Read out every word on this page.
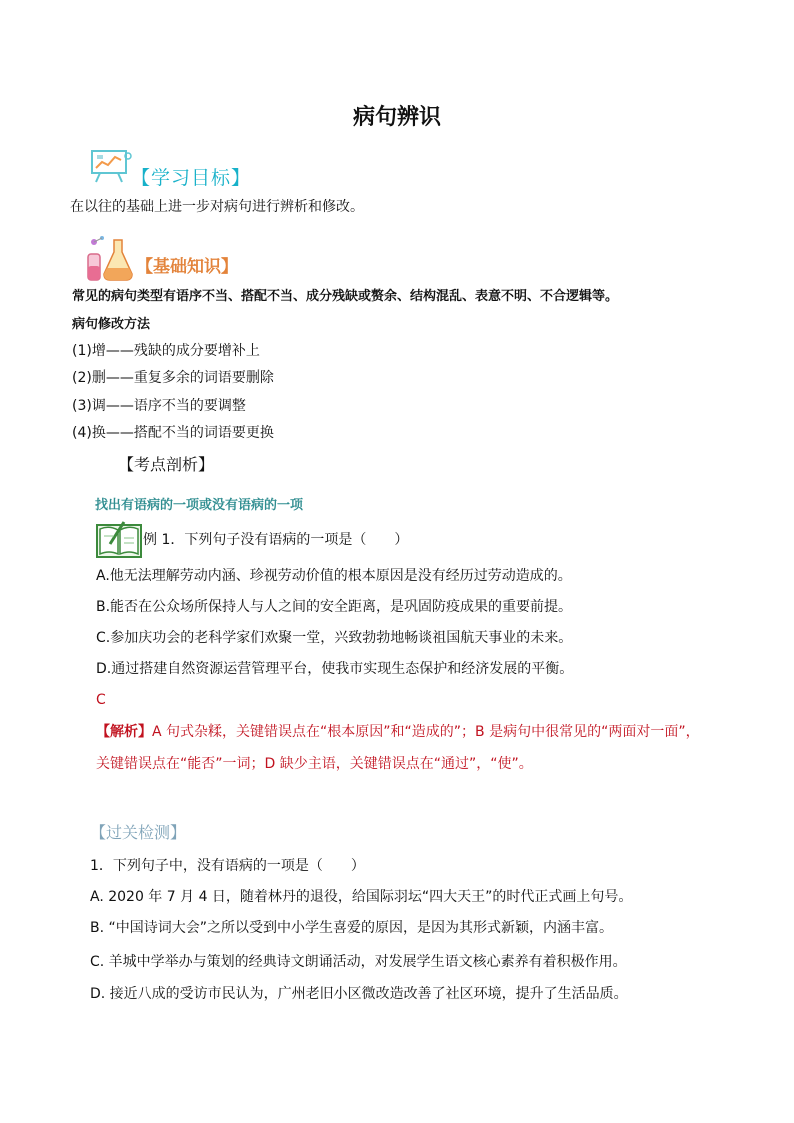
病句辨识
【学习目标】
在以往的基础上进一步对病句进行辨析和修改。
【基础知识】
常见的病句类型有语序不当、搭配不当、成分残缺或赘余、结构混乱、表意不明、不合逻辑等。
病句修改方法
(1)增——残缺的成分要增补上
(2)删——重复多余的词语要删除
(3)调——语序不当的要调整
(4)换——搭配不当的词语要更换
【考点剖析】
找出有语病的一项或没有语病的一项
例 1．下列句子没有语病的一项是（　　）
A.他无法理解劳动内涵、珍视劳动价值的根本原因是没有经历过劳动造成的。
B.能否在公众场所保持人与人之间的安全距离，是巩固防疫成果的重要前提。
C.参加庆功会的老科学家们欢聚一堂，兴致勃勃地畅谈祖国航天事业的未来。
D.通过搭建自然资源运营管理平台，使我市实现生态保护和经济发展的平衡。
C
【解析】A 句式杂糅，关键错误点在“根本原因”和“造成的”；B 是病句中很常见的“两面对一面”，关键错误点在“能否”一词；D 缺少主语，关键错误点在“通过”，“使”。
【过关检测】
1．下列句子中，没有语病的一项是（　　）
A. 2020 年 7 月 4 日，随着林丹的退役，给国际羽坛“四大天王”的时代正式画上句号。
B. “中国诗词大会”之所以受到中小学生喜爱的原因，是因为其形式新颖，内涵丰富。
C. 羊城中学举办与策划的经典诗文朗诵活动，对发展学生语文核心素养有着积极作用。
D. 接近八成的受访市民认为，广州老旧小区微改造改善了社区环境，提升了生活品质。
